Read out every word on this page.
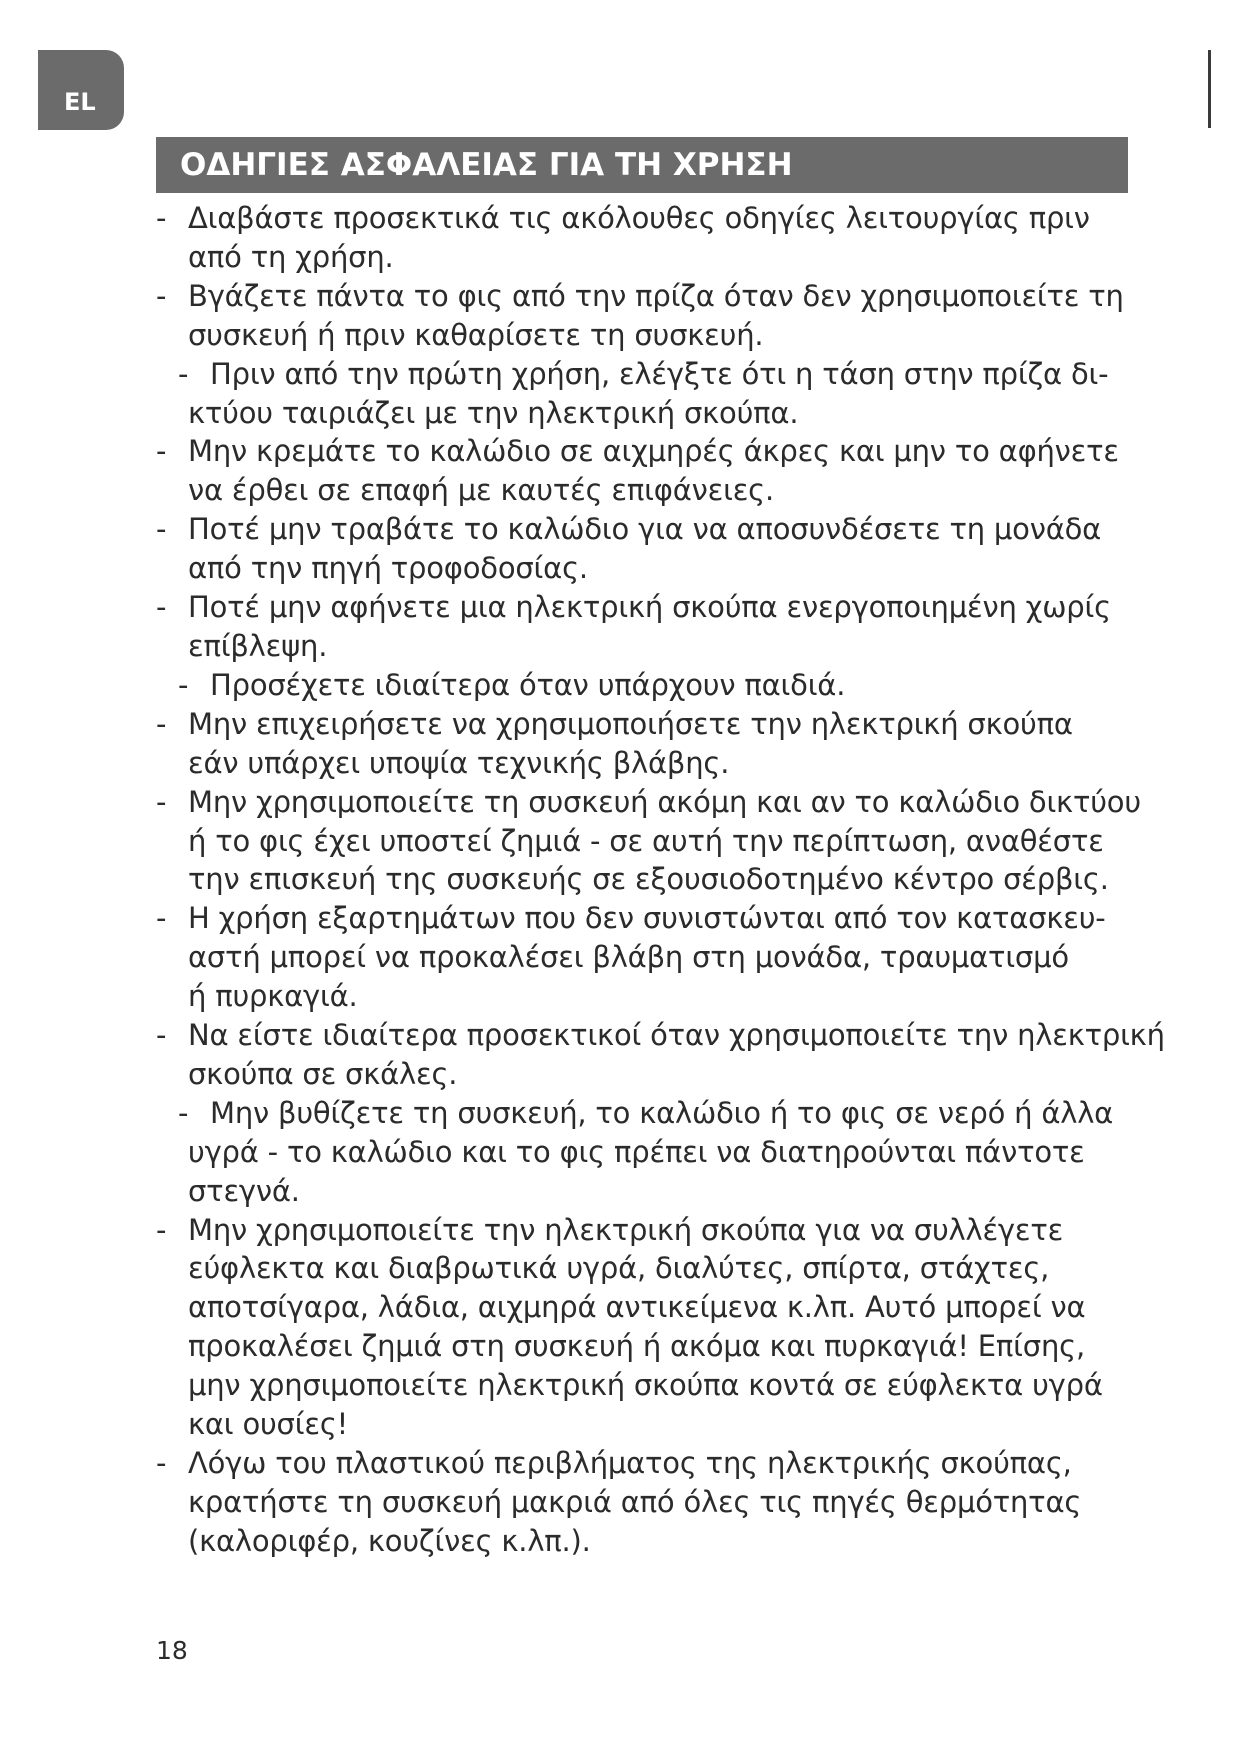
EL
ΟΔΗΓΙΕΣ ΑΣΦΑΛΕΙΑΣ ΓΙΑ ΤΗ ΧΡΗΣΗ
- Διαβάστε προσεκτικά τις ακόλουθες οδηγίες λειτουργίας πριν
από τη χρήση.
- Βγάζετε πάντα το φις από την πρίζα όταν δεν χρησιμοποιείτε τη
συσκευή ή πριν καθαρίσετε τη συσκευή.
- Πριν από την πρώτη χρήση, ελέγξτε ότι η τάση στην πρίζα δι-
κτύου ταιριάζει με την ηλεκτρική σκούπα.
- Μην κρεμάτε το καλώδιο σε αιχμηρές άκρες και μην το αφήνετε
να έρθει σε επαφή με καυτές επιφάνειες.
- Ποτέ μην τραβάτε το καλώδιο για να αποσυνδέσετε τη μονάδα
από την πηγή τροφοδοσίας.
- Ποτέ μην αφήνετε μια ηλεκτρική σκούπα ενεργοποιημένη χωρίς
επίβλεψη.
- Προσέχετε ιδιαίτερα όταν υπάρχουν παιδιά.
- Μην επιχειρήσετε να χρησιμοποιήσετε την ηλεκτρική σκούπα
εάν υπάρχει υποψία τεχνικής βλάβης.
- Μην χρησιμοποιείτε τη συσκευή ακόμη και αν το καλώδιο δικτύου
ή το φις έχει υποστεί ζημιά - σε αυτή την περίπτωση, αναθέστε
την επισκευή της συσκευής σε εξουσιοδοτημένο κέντρο σέρβις.
- Η χρήση εξαρτημάτων που δεν συνιστώνται από τον κατασκευ-
αστή μπορεί να προκαλέσει βλάβη στη μονάδα, τραυματισμό
ή πυρκαγιά.
- Να είστε ιδιαίτερα προσεκτικοί όταν χρησιμοποιείτε την ηλεκτρική
σκούπα σε σκάλες.
- Μην βυθίζετε τη συσκευή, το καλώδιο ή το φις σε νερό ή άλλα
υγρά - το καλώδιο και το φις πρέπει να διατηρούνται πάντοτε
στεγνά.
- Μην χρησιμοποιείτε την ηλεκτρική σκούπα για να συλλέγετε
εύφλεκτα και διαβρωτικά υγρά, διαλύτες, σπίρτα, στάχτες,
αποτσίγαρα, λάδια, αιχμηρά αντικείμενα κ.λπ. Αυτό μπορεί να
προκαλέσει ζημιά στη συσκευή ή ακόμα και πυρκαγιά! Επίσης,
μην χρησιμοποιείτε ηλεκτρική σκούπα κοντά σε εύφλεκτα υγρά
και ουσίες!
- Λόγω του πλαστικού περιβλήματος της ηλεκτρικής σκούπας,
κρατήστε τη συσκευή μακριά από όλες τις πηγές θερμότητας
(καλοριφέρ, κουζίνες κ.λπ.).
18
